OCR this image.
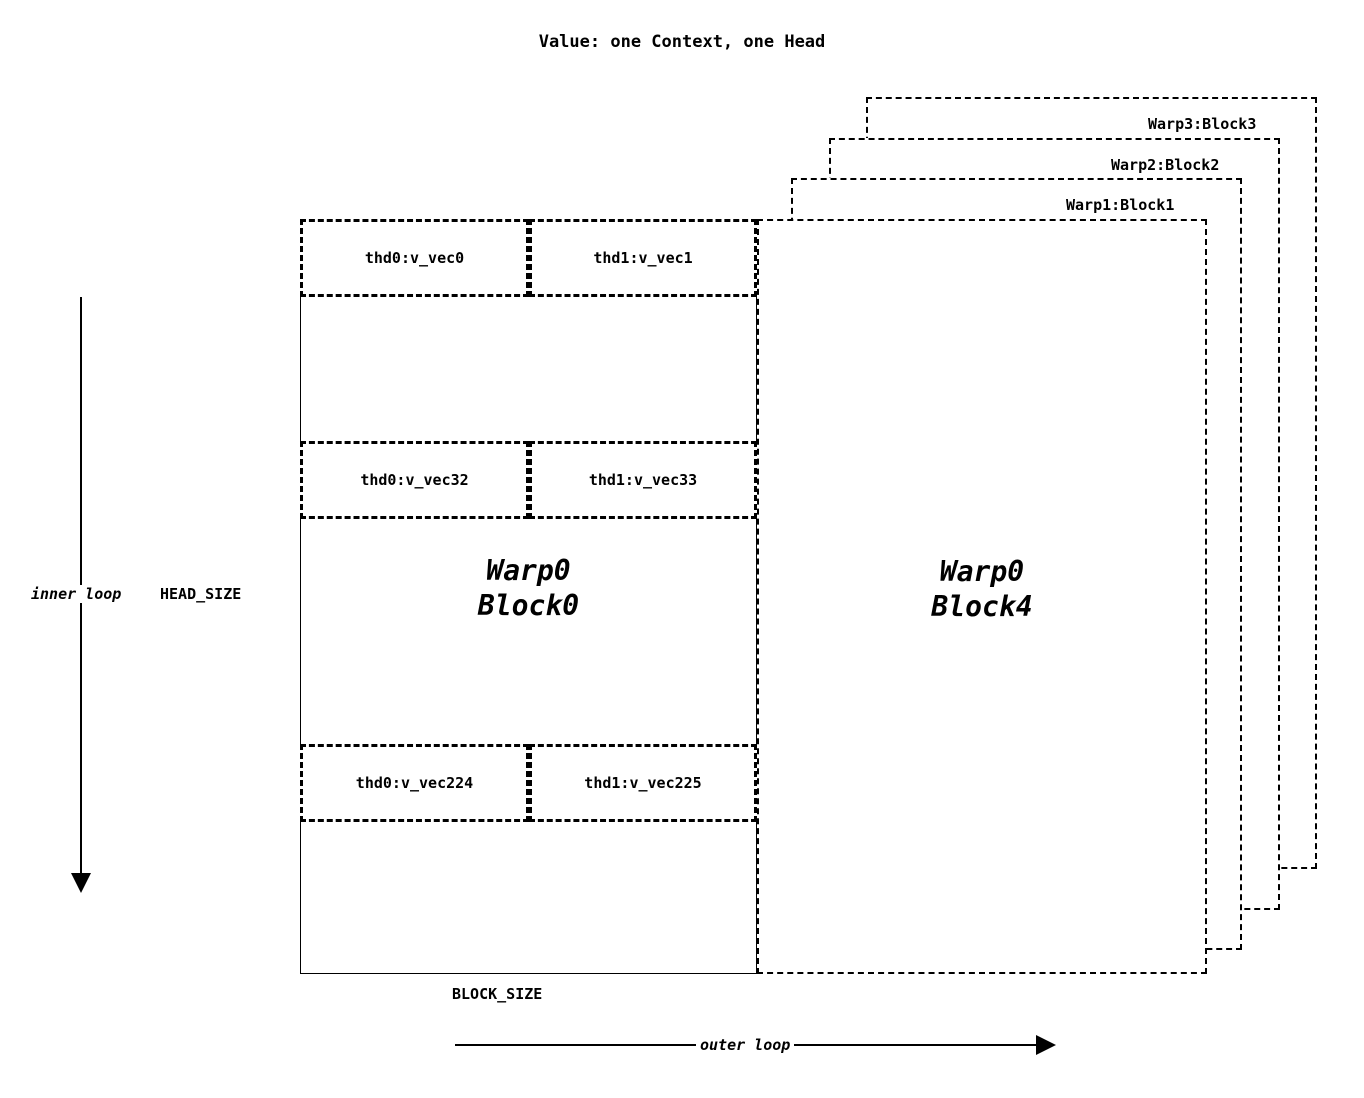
Value: one Context, one Head
Warp3:Block3
Warp2:Block2
Warp1:Block1
Warp0
Block4
Warp0
Block0
thd0:v_vec0	thd1:v_vec1
thd0:v_vec32	thd1:v_vec33
thd0:v_vec224	thd1:v_vec225
inner loop	HEAD_SIZE
outer loop
BLOCK_SIZE
